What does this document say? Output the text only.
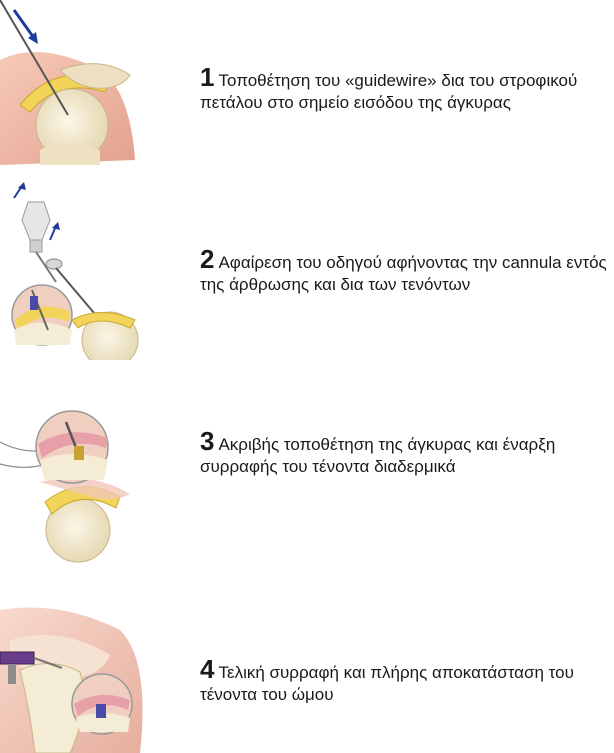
1 Τοποθέτηση του «guidewire» δια του στροφικού πετάλου στο σημείο εισόδου της άγκυρας
2 Αφαίρεση του οδηγού αφήνοντας την cannula εντός της άρθρωσης και δια των τενόντων
3 Ακριβής τοποθέτηση της άγκυρας και έναρξη συρραφής του τένοντα διαδερμικά
4 Τελική συρραφή και πλήρης αποκατάσταση του τένοντα του ώμου
